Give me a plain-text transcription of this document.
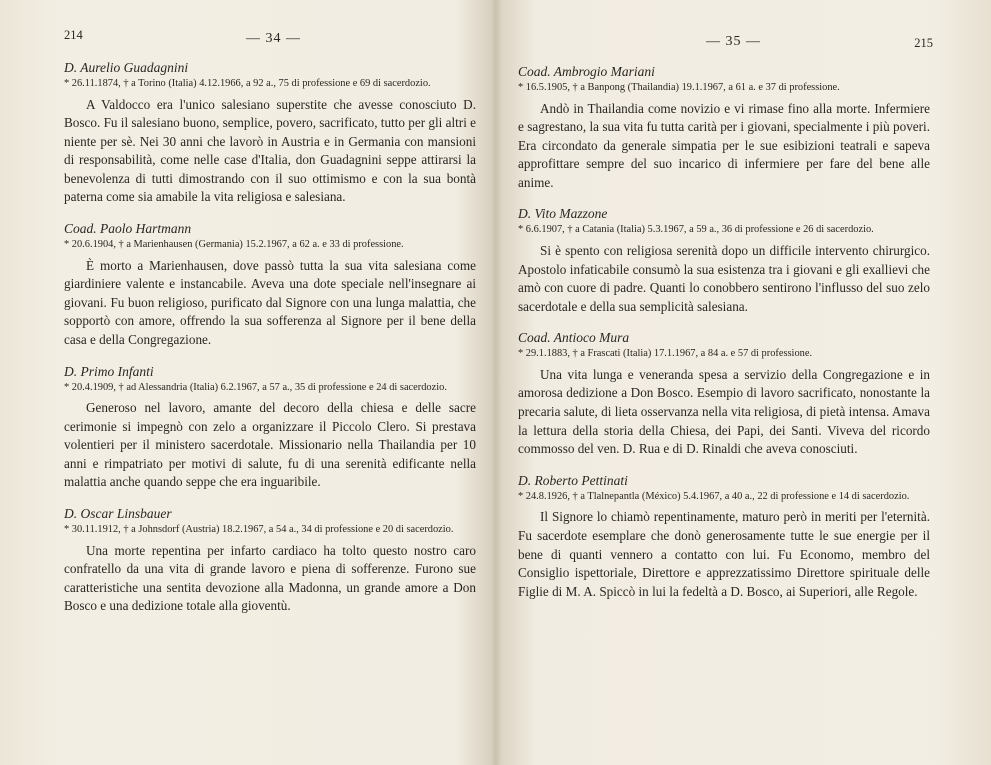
214	— 34 —

D. Aurelio Guadagnini

* 26.11.1874, † a Torino (Italia) 4.12.1966, a 92 a., 75 di professione e 69 di sacerdozio.

A Valdocco era l'unico salesiano superstite che avesse conosciuto D. Bosco. Fu il salesiano buono, semplice, povero, sacrificato, tutto per gli altri e niente per sè. Nei 30 anni che lavorò in Austria e in Germania con mansioni di responsabilità, come nelle case d'Italia, don Guadagnini seppe attirarsi la benevolenza di tutti dimostrando con il suo ottimismo e con la sua bontà paterna come sia amabile la vita religiosa e salesiana.

Coad. Paolo Hartmann

* 20.6.1904, † a Marienhausen (Germania) 15.2.1967, a 62 a. e 33 di professione.

È morto a Marienhausen, dove passò tutta la sua vita salesiana come giardiniere valente e instancabile. Aveva una dote speciale nell'insegnare ai giovani. Fu buon religioso, purificato dal Signore con una lunga malattia, che sopportò con amore, offrendo la sua sofferenza al Signore per il bene della casa e della Congregazione.

D. Primo Infanti

* 20.4.1909, † ad Alessandria (Italia) 6.2.1967, a 57 a., 35 di professione e 24 di sacerdozio.

Generoso nel lavoro, amante del decoro della chiesa e delle sacre cerimonie si impegnò con zelo a organizzare il Piccolo Clero. Si prestava volentieri per il ministero sacerdotale. Missionario nella Thailandia per 10 anni e rimpatriato per motivi di salute, fu di una serenità edificante nella malattia anche quando seppe che era inguaribile.

D. Oscar Linsbauer

* 30.11.1912, † a Johnsdorf (Austria) 18.2.1967, a 54 a., 34 di professione e 20 di sacerdozio.

Una morte repentina per infarto cardiaco ha tolto questo nostro caro confratello da una vita di grande lavoro e piena di sofferenze. Furono sue caratteristiche una sentita devozione alla Madonna, un grande amore a Don Bosco e una dedizione totale alla gioventù.

— 35 —	215

Coad. Ambrogio Mariani

* 16.5.1905, † a Banpong (Thailandia) 19.1.1967, a 61 a. e 37 di professione.

Andò in Thailandia come novizio e vi rimase fino alla morte. Infermiere e sagrestano, la sua vita fu tutta carità per i giovani, specialmente i più poveri. Era circondato da generale simpatia per le sue esibizioni teatrali e sapeva approfittare sempre del suo incarico di infermiere per fare del bene alle anime.

D. Vito Mazzone

* 6.6.1907, † a Catania (Italia) 5.3.1967, a 59 a., 36 di professione e 26 di sacerdozio.

Si è spento con religiosa serenità dopo un difficile intervento chirurgico. Apostolo infaticabile consumò la sua esistenza tra i giovani e gli exallievi che amò con cuore di padre. Quanti lo conobbero sentirono l'influsso del suo zelo sacerdotale e della sua semplicità salesiana.

Coad. Antioco Mura

* 29.1.1883, † a Frascati (Italia) 17.1.1967, a 84 a. e 57 di professione.

Una vita lunga e veneranda spesa a servizio della Congregazione e in amorosa dedizione a Don Bosco. Esempio di lavoro sacrificato, nonostante la precaria salute, di lieta osservanza nella vita religiosa, di pietà intensa. Amava la lettura della storia della Chiesa, dei Papi, dei Santi. Viveva del ricordo commosso del ven. D. Rua e di D. Rinaldi che aveva conosciuti.

D. Roberto Pettinati

* 24.8.1926, † a Tlalnepantla (México) 5.4.1967, a 40 a., 22 di professione e 14 di sacerdozio.

Il Signore lo chiamò repentinamente, maturo però in meriti per l'eternità. Fu sacerdote esemplare che donò generosamente tutte le sue energie per il bene di quanti vennero a contatto con lui. Fu Economo, membro del Consiglio ispettoriale, Direttore e apprezzatissimo Direttore spirituale delle Figlie di M. A. Spiccò in lui la fedeltà a D. Bosco, ai Superiori, alle Regole.
